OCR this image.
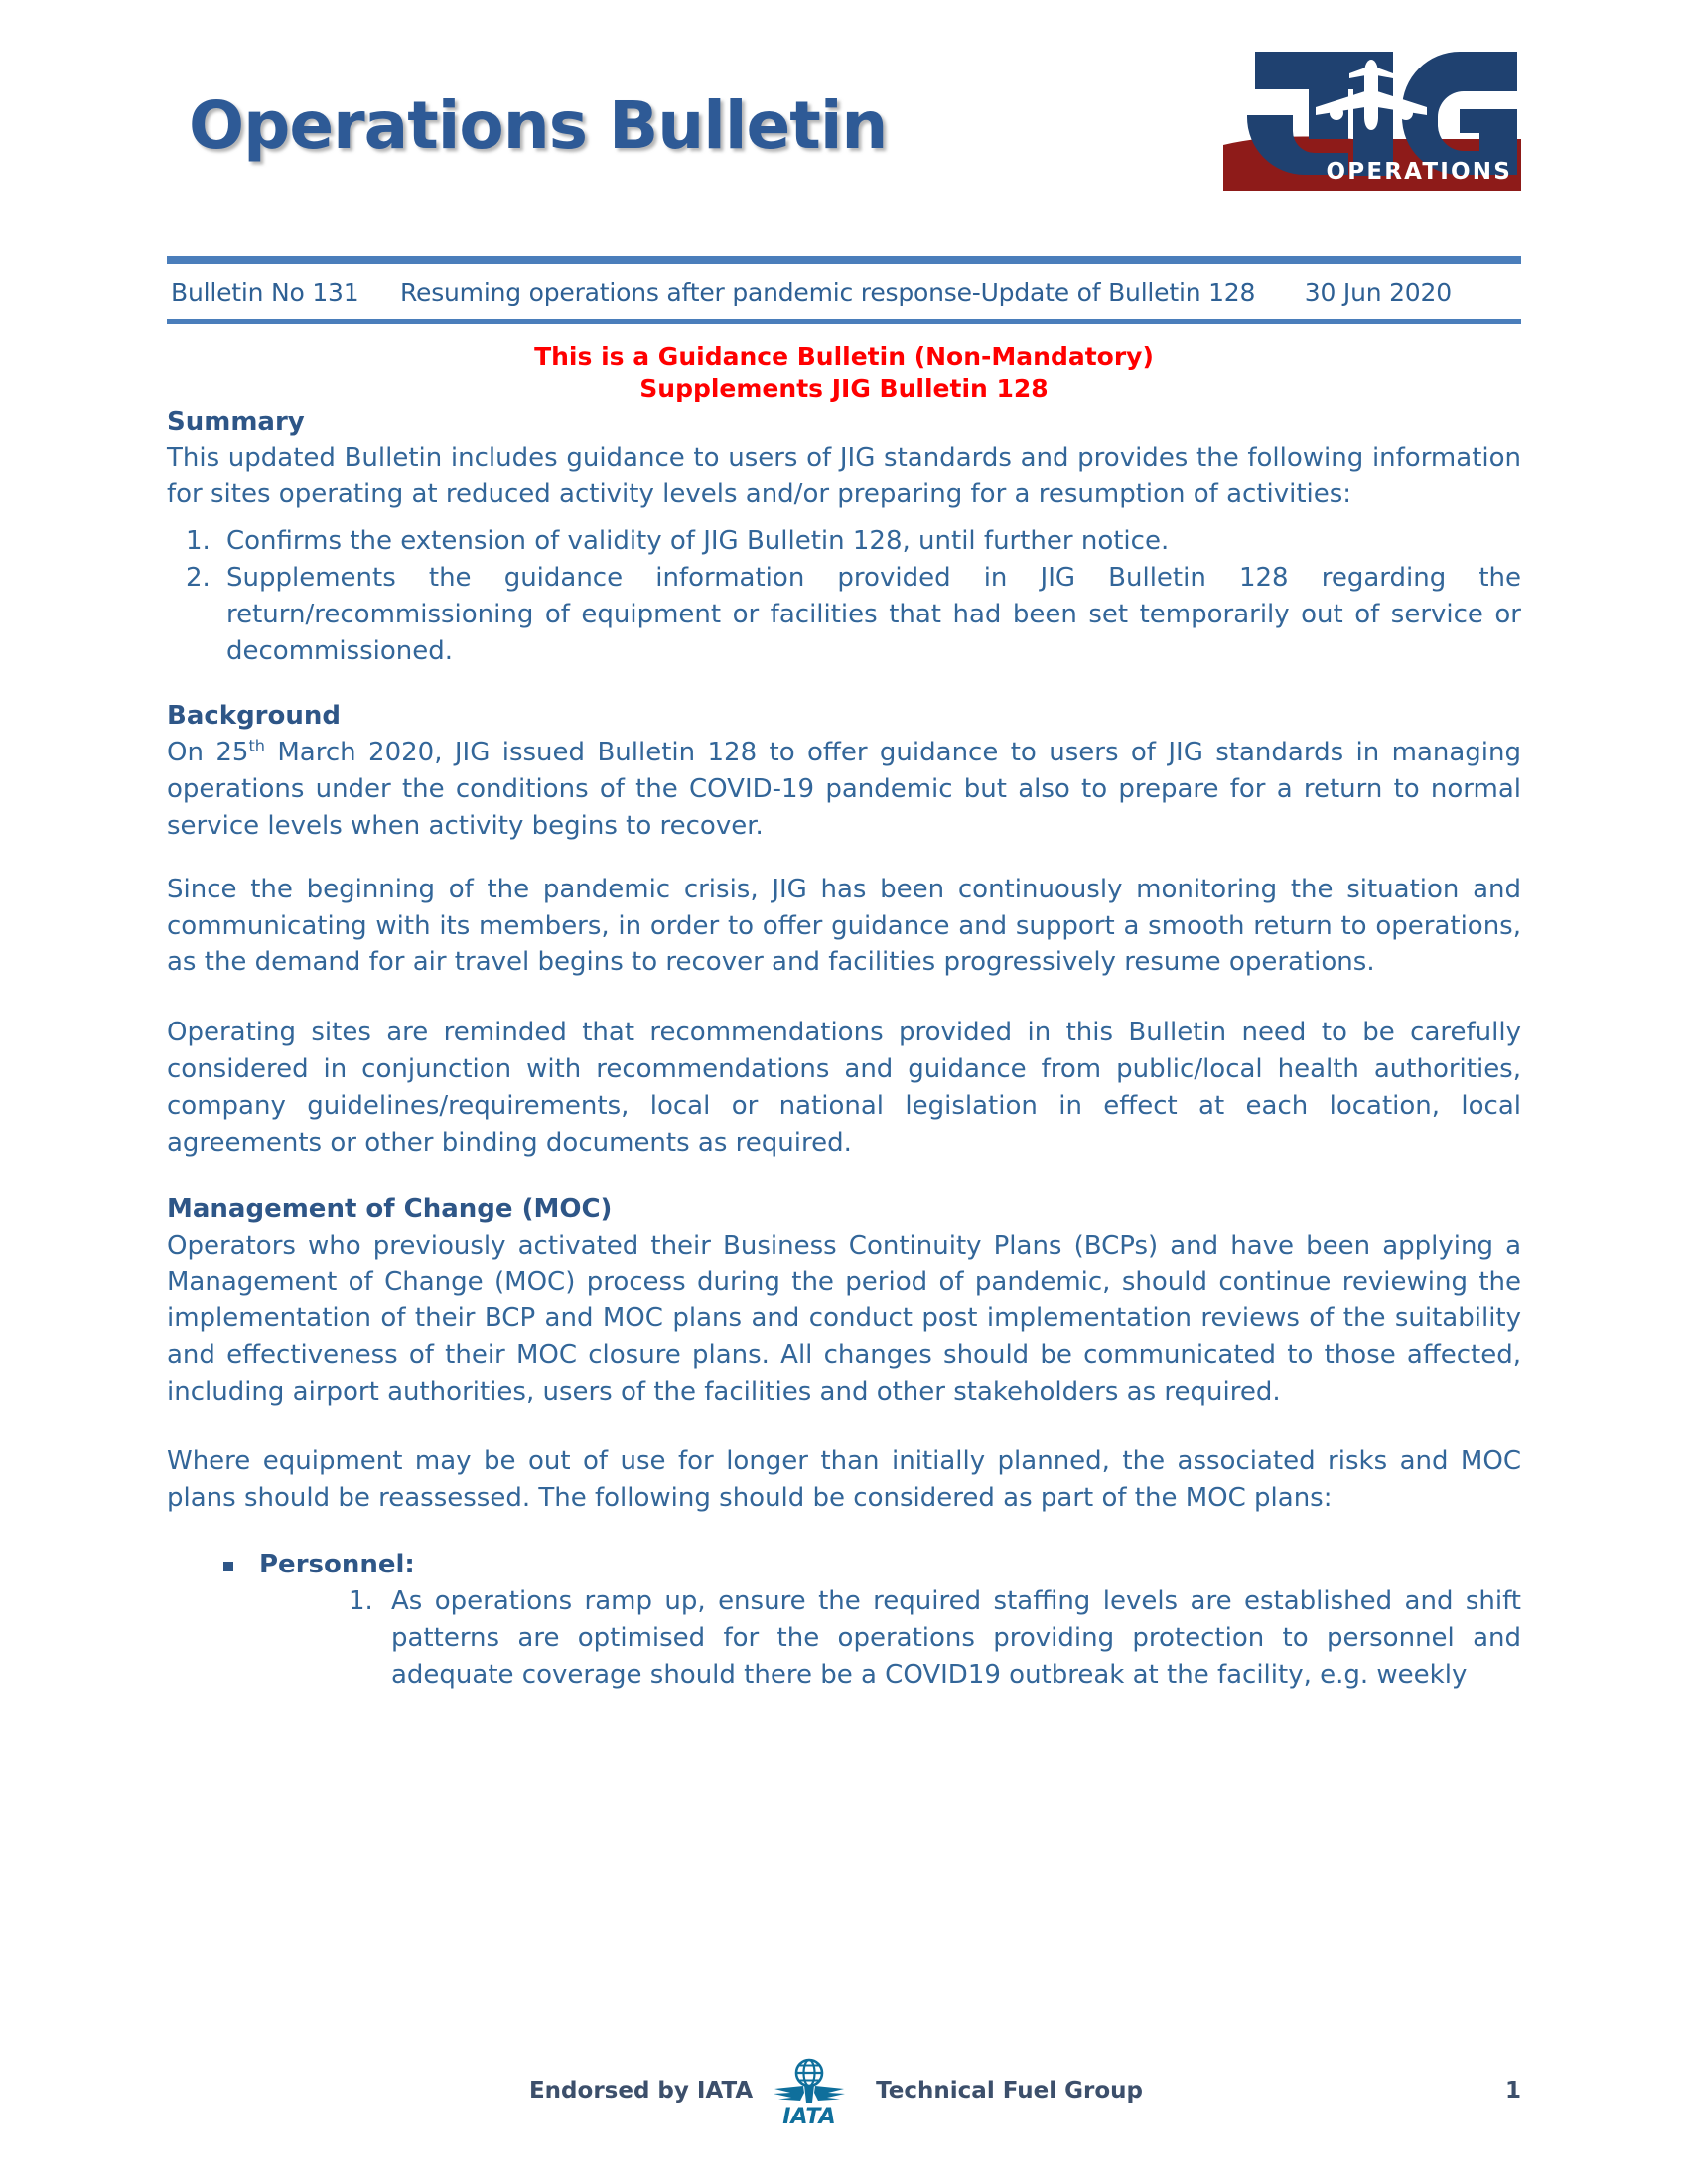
Operations Bulletin
OPERATIONS
Bulletin No 131 Resuming operations after pandemic response-Update of Bulletin 128 30 Jun 2020
This is a Guidance Bulletin (Non-Mandatory)
Supplements JIG Bulletin 128
Summary

This updated Bulletin includes guidance to users of JIG standards and provides the following information for sites operating at reduced activity levels and/or preparing for a resumption of activities:

Confirms the extension of validity of JIG Bulletin 128, until further notice.
Supplements the guidance information provided in JIG Bulletin 128 regarding the return/recommissioning of equipment or facilities that had been set temporarily out of service or decommissioned.
Background

On 25th March 2020, JIG issued Bulletin 128 to offer guidance to users of JIG standards in managing operations under the conditions of the COVID-19 pandemic but also to prepare for a return to normal service levels when activity begins to recover.

Since the beginning of the pandemic crisis, JIG has been continuously monitoring the situation and communicating with its members, in order to offer guidance and support a smooth return to operations, as the demand for air travel begins to recover and facilities progressively resume operations.

Operating sites are reminded that recommendations provided in this Bulletin need to be carefully considered in conjunction with recommendations and guidance from public/local health authorities, company guidelines/requirements, local or national legislation in effect at each location, local agreements or other binding documents as required.

Management of Change (MOC)

Operators who previously activated their Business Continuity Plans (BCPs) and have been applying a Management of Change (MOC) process during the period of pandemic, should continue reviewing the implementation of their BCP and MOC plans and conduct post implementation reviews of the suitability and effectiveness of their MOC closure plans. All changes should be communicated to those affected, including airport authorities, users of the facilities and other stakeholders as required.

Where equipment may be out of use for longer than initially planned, the associated risks and MOC plans should be reassessed. The following should be considered as part of the MOC plans:

Personnel:
As operations ramp up, ensure the required staffing levels are established and shift patterns are optimised for the operations providing protection to personnel and adequate coverage should there be a COVID19 outbreak at the facility, e.g. weekly
Endorsed by IATA
IATA
Technical Fuel Group	1
